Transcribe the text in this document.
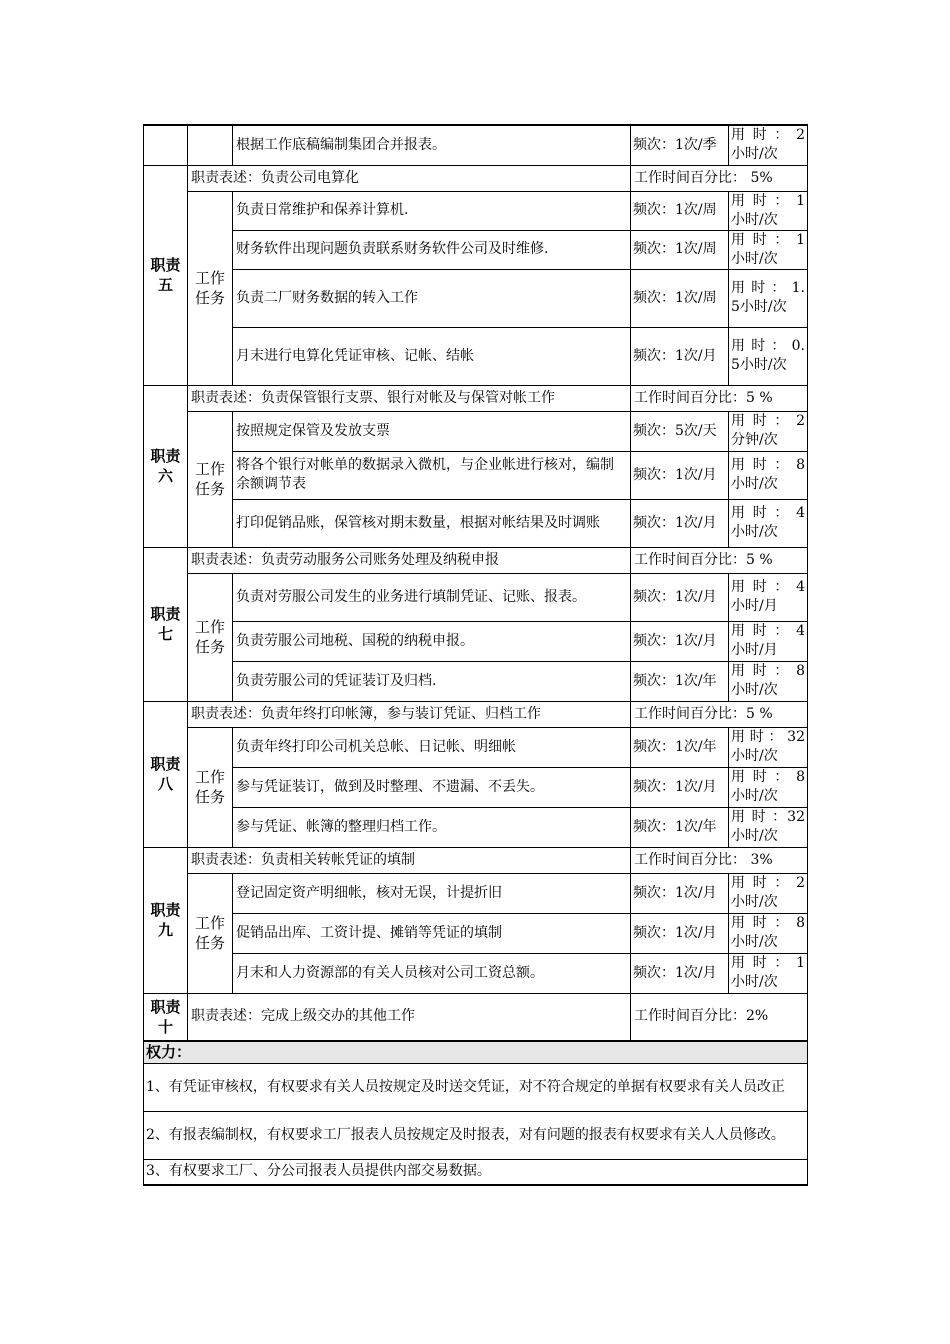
		根据工作底稿编制集团合并报表。	频次：1次/季	用 时 ： 2 小时/次
职责五	职责表述：负责公司电算化		工作时间百分比： 5%	
	工作任务	负责日常维护和保养计算机.	频次：1次/周	用 时 ： 1 小时/次
		财务软件出现问题负责联系财务软件公司及时维修.	频次：1次/周	用 时 ： 1 小时/次
		负责二厂财务数据的转入工作	频次：1次/周	用 时 ： 1.5小时/次
		月末进行电算化凭证审核、记帐、结帐	频次：1次/月	用 时 ： 0.5小时/次
职责六	职责表述：负责保管银行支票、银行对帐及与保管对帐工作		工作时间百分比：5 %	
	工作任务	按照规定保管及发放支票	频次：5次/天	用 时 ： 2 分钟/次
		将各个银行对帐单的数据录入微机，与企业帐进行核对，编制余额调节表	频次：1次/月	用 时 ： 8 小时/次
		打印促销品账，保管核对期末数量，根据对帐结果及时调账	频次：1次/月	用 时 ： 4 小时/次
职责七	职责表述：负责劳动服务公司账务处理及纳税申报		工作时间百分比：5 %	
	工作任务	负责对劳服公司发生的业务进行填制凭证、记账、报表。	频次：1次/月	用 时 ： 4 小时/月
		负责劳服公司地税、国税的纳税申报。	频次：1次/月	用 时 ： 4 小时/月
		负责劳服公司的凭证装订及归档.	频次：1次/年	用 时 ： 8 小时/次
职责八	职责表述：负责年终打印帐簿，参与装订凭证、归档工作		工作时间百分比：5 %	
	工作任务	负责年终打印公司机关总帐、日记帐、明细帐	频次：1次/年	用时：32 小时/次
		参与凭证装订，做到及时整理、不遗漏、不丢失。	频次：1次/月	用 时 ： 8 小时/次
		参与凭证、帐簿的整理归档工作。	频次：1次/年	用 时 ：32 小时/次
职责九	职责表述：负责相关转帐凭证的填制		工作时间百分比： 3%	
	工作任务	登记固定资产明细帐，核对无误，计提折旧	频次：1次/月	用 时 ： 2 小时/次
		促销品出库、工资计提、摊销等凭证的填制	频次：1次/月	用 时 ： 8 小时/次
		月末和人力资源部的有关人员核对公司工资总额。	频次：1次/月	用 时 ： 1 小时/次
职责十	职责表述：完成上级交办的其他工作		工作时间百分比：2%	
权力：				
1、有凭证审核权，有权要求有关人员按规定及时送交凭证，对不符合规定的单据有权要求有关人员改正				
2、有报表编制权，有权要求工厂报表人员按规定及时报表，对有问题的报表有权要求有关人人员修改。				
3、有权要求工厂、分公司报表人员提供内部交易数据。				
